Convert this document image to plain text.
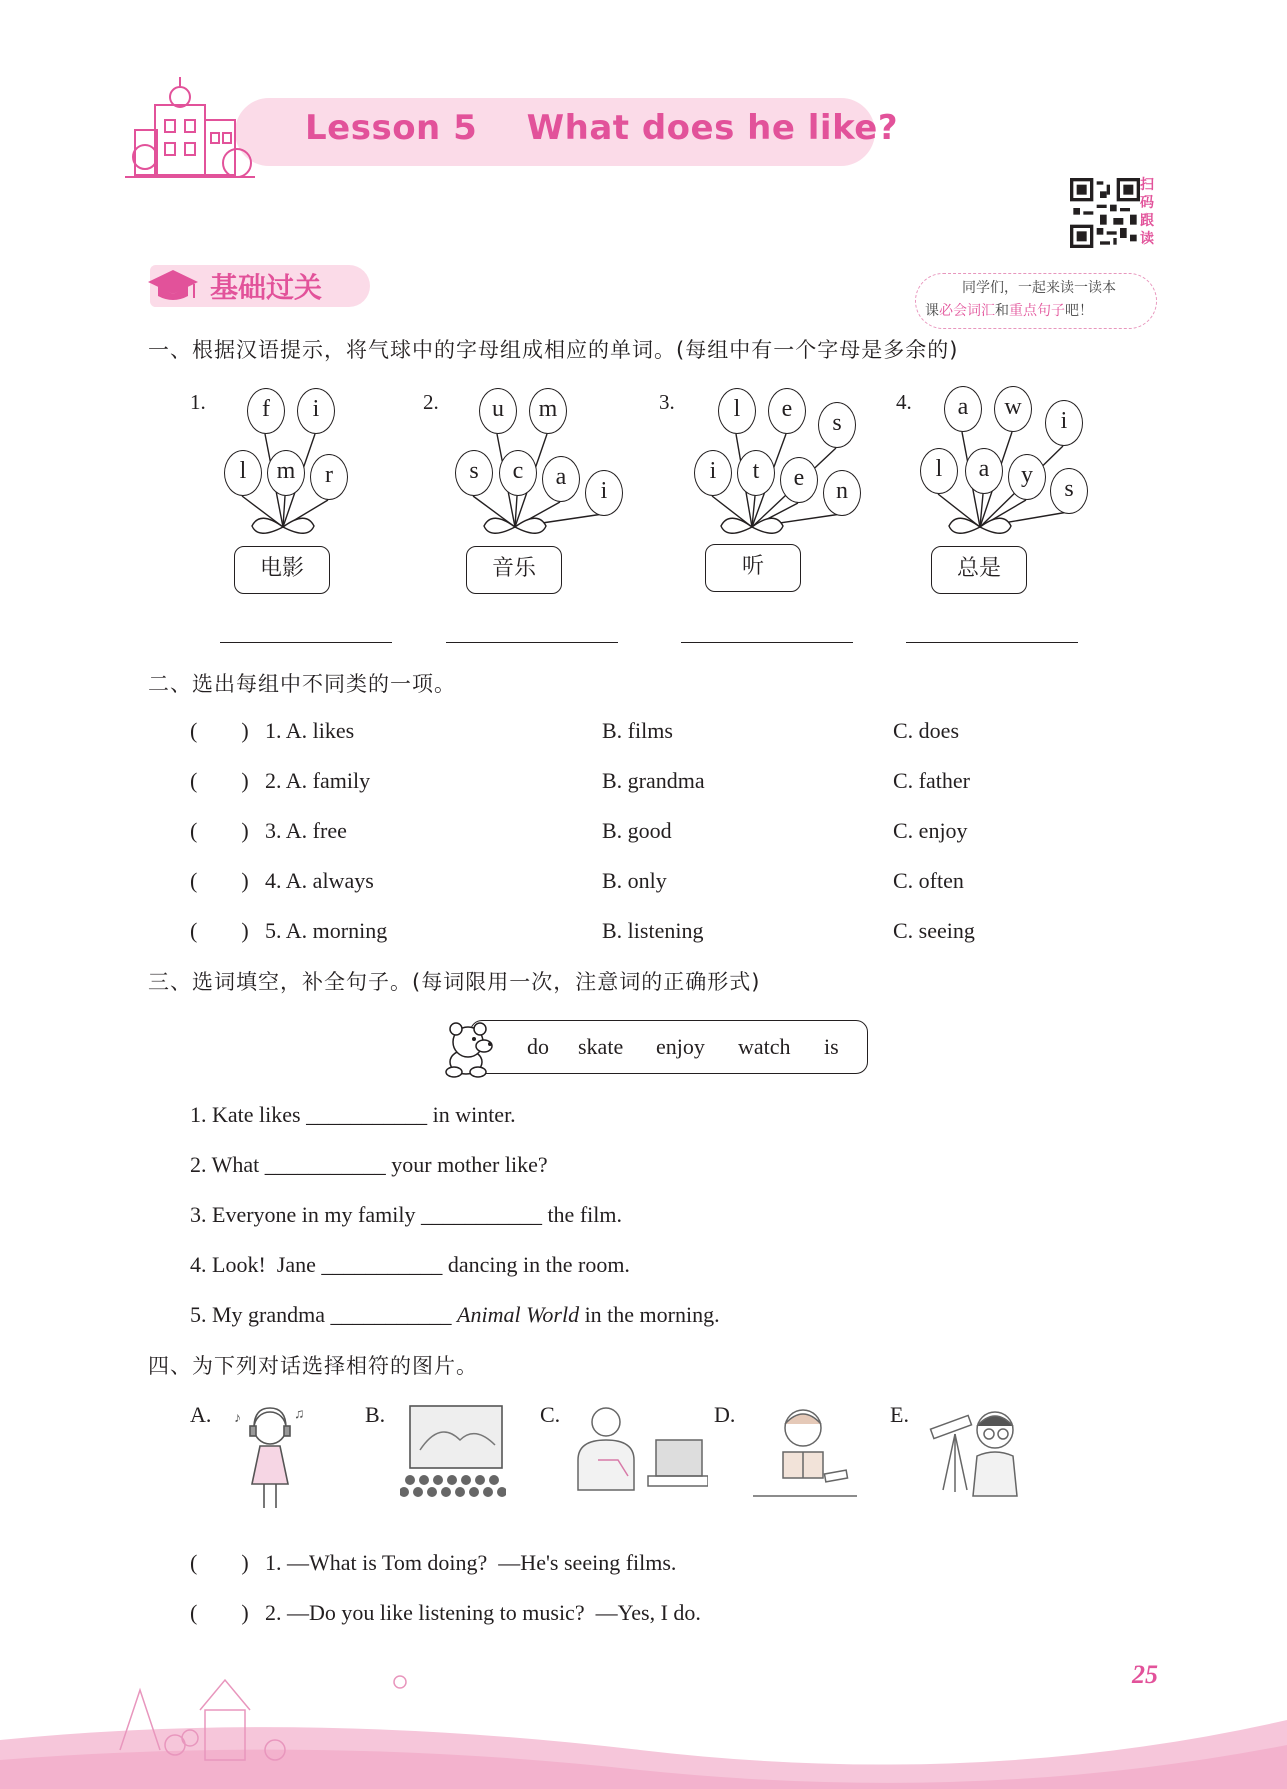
Lesson 5    What does he like?
扫
码
跟
读
基础过关	同学们，一起来读一读本
课必会词汇和重点句子吧！
一、根据汉语提示，将气球中的字母组成相应的单词。(每组中有一个字母是多余的)
1.	f	i
l	m	r
电影
2.	u	m
s	c	a
i
音乐
3.	l	e
s
i	t	e	n
听
4.	a	w
i
l	a	y
s
总是
二、选出每组中不同类的一项。
(        ) 1. A. likes	B. films	C. does
(        ) 2. A. family	B. grandma	C. father
(        ) 3. A. free	B. good	C. enjoy
(        ) 4. A. always	B. only	C. often
(        ) 5. A. morning	B. listening	C. seeing
三、选词填空，补全句子。(每词限用一次，注意词的正确形式)
do skate enjoy watch is
1. Kate likes ___________ in winter.
2. What ___________ your mother like?
3. Everyone in my family ___________ the film.
4. Look!  Jane ___________ dancing in the room.
5. My grandma ___________ Animal World in the morning.
四、为下列对话选择相符的图片。
A.	B.	C.	D.	E.
♪	♫
(        ) 1. —What is Tom doing?  —He's seeing films.
(        ) 2. —Do you like listening to music?  —Yes, I do.
25
